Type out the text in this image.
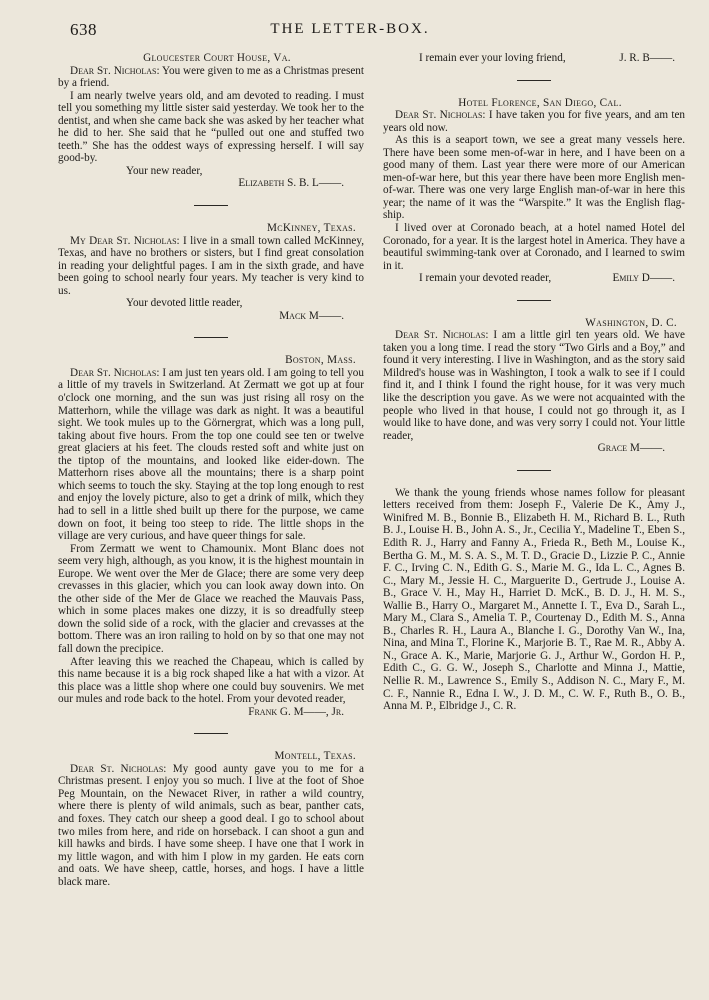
638	THE LETTER-BOX.

Gloucester Court House, Va.

Dear St. Nicholas: You were given to me as a Christmas present by a friend.

I am nearly twelve years old, and am devoted to reading. I must tell you something my little sister said yesterday. We took her to the dentist, and when she came back she was asked by her teacher what he did to her. She said that he “pulled out one and stuffed two teeth.” She has the oddest ways of expressing herself. I will say good-by.

Your new reader,

Elizabeth S. B. L——.

McKinney, Texas.

My Dear St. Nicholas: I live in a small town called McKinney, Texas, and have no brothers or sisters, but I find great consolation in reading your delightful pages. I am in the sixth grade, and have been going to school nearly four years. My teacher is very kind to us.

Your devoted little reader,

Mack M——.

Boston, Mass.

Dear St. Nicholas: I am just ten years old. I am going to tell you a little of my travels in Switzerland. At Zermatt we got up at four o'clock one morning, and the sun was just rising all rosy on the Matterhorn, while the village was dark as night. It was a beautiful sight. We took mules up to the Görnergrat, which was a long pull, taking about five hours. From the top one could see ten or twelve great glaciers at his feet. The clouds rested soft and white just on the tiptop of the mountains, and looked like eider-down. The Matterhorn rises above all the mountains; there is a sharp point which seems to touch the sky. Staying at the top long enough to rest and enjoy the lovely picture, also to get a drink of milk, which they had to sell in a little shed built up there for the purpose, we came down on foot, it being too steep to ride. The little shops in the village are very curious, and have queer things for sale.

From Zermatt we went to Chamounix. Mont Blanc does not seem very high, although, as you know, it is the highest mountain in Europe. We went over the Mer de Glace; there are some very deep crevasses in this glacier, which you can look away down into. On the other side of the Mer de Glace we reached the Mauvais Pass, which in some places makes one dizzy, it is so dreadfully steep down the solid side of a rock, with the glacier and crevasses at the bottom. There was an iron railing to hold on by so that one may not fall down the precipice.

After leaving this we reached the Chapeau, which is called by this name because it is a big rock shaped like a hat with a vizor. At this place was a little shop where one could buy souvenirs. We met our mules and rode back to the hotel. From your devoted reader,

Frank G. M——, Jr.

Montell, Texas.

Dear St. Nicholas: My good aunty gave you to me for a Christmas present. I enjoy you so much. I live at the foot of Shoe Peg Mountain, on the Newacet River, in rather a wild country, where there is plenty of wild animals, such as bear, panther cats, and foxes. They catch our sheep a good deal. I go to school about two miles from here, and ride on horseback. I can shoot a gun and kill hawks and birds. I have some sheep. I have one that I work in my little wagon, and with him I plow in my garden. He eats corn and oats. We have sheep, cattle, horses, and hogs. I have a little black mare.

I remain ever your loving friend,	J. R. B——.

Hotel Florence, San Diego, Cal.

Dear St. Nicholas: I have taken you for five years, and am ten years old now.

As this is a seaport town, we see a great many vessels here. There have been some men-of-war in here, and I have been on a good many of them. Last year there were more of our American men-of-war here, but this year there have been more English men-of-war. There was one very large English man-of-war in here this year; the name of it was the “Warspite.” It was the English flag-ship.

I lived over at Coronado beach, at a hotel named Hotel del Coronado, for a year. It is the largest hotel in America. They have a beautiful swimming-tank over at Coronado, and I learned to swim in it.

I remain your devoted reader,	Emily D——.

Washington, D. C.

Dear St. Nicholas: I am a little girl ten years old. We have taken you a long time. I read the story “Two Girls and a Boy,” and found it very interesting. I live in Washington, and as the story said Mildred's house was in Washington, I took a walk to see if I could find it, and I think I found the right house, for it was very much like the description you gave. As we were not acquainted with the people who lived in that house, I could not go through it, as I would like to have done, and was very sorry I could not. Your little reader,

Grace M——.

We thank the young friends whose names follow for pleasant letters received from them: Joseph F., Valerie De K., Amy J., Winifred M. B., Bonnie B., Elizabeth H. M., Richard B. L., Ruth B. J., Louise H. B., John A. S., Jr., Cecilia Y., Madeline T., Eben S., Edith R. J., Harry and Fanny A., Frieda R., Beth M., Louise K., Bertha G. M., M. S. A. S., M. T. D., Gracie D., Lizzie P. C., Annie F. C., Irving C. N., Edith G. S., Marie M. G., Ida L. C., Agnes B. C., Mary M., Jessie H. C., Marguerite D., Gertrude J., Louise A. B., Grace V. H., May H., Harriet D. McK., B. D. J., H. M. S., Wallie B., Harry O., Margaret M., Annette I. T., Eva D., Sarah L., Mary M., Clara S., Amelia T. P., Courtenay D., Edith M. S., Anna B., Charles R. H., Laura A., Blanche I. G., Dorothy Van W., Ina, Nina, and Mina T., Florine K., Marjorie B. T., Rae M. R., Abby A. N., Grace A. K., Marie, Marjorie G. J., Arthur W., Gordon H. P., Edith C., G. G. W., Joseph S., Charlotte and Minna J., Mattie, Nellie R. M., Lawrence S., Emily S., Addison N. C., Mary F., M. C. F., Nannie R., Edna I. W., J. D. M., C. W. F., Ruth B., O. B., Anna M. P., Elbridge J., C. R.
